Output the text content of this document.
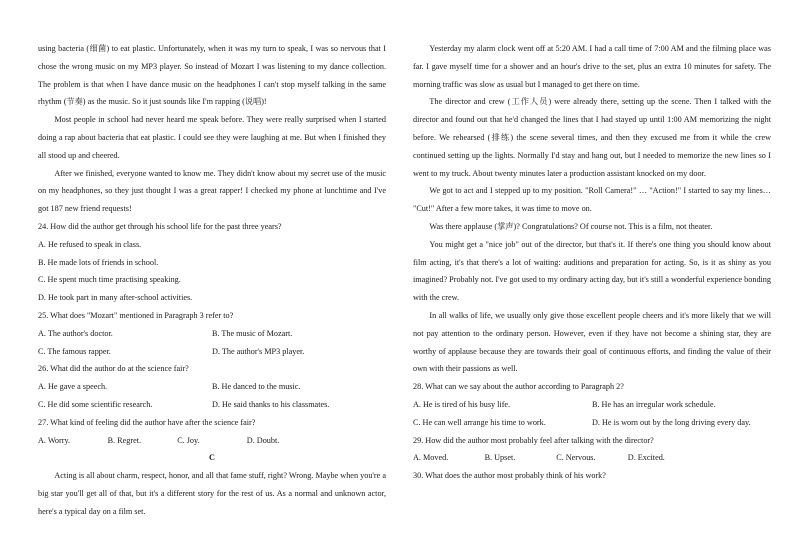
using bacteria (细菌) to eat plastic. Unfortunately, when it was my turn to speak, I was so nervous that I chose the wrong music on my MP3 player. So instead of Mozart I was listening to my dance collection. The problem is that when I have dance music on the headphones I can't stop myself talking in the same rhythm (节奏) as the music. So it just sounds like I'm rapping (说唱)!

Most people in school had never heard me speak before. They were really surprised when I started doing a rap about bacteria that eat plastic. I could see they were laughing at me. But when I finished they all stood up and cheered.

After we finished, everyone wanted to know me. They didn't know about my secret use of the music on my headphones, so they just thought I was a great rapper! I checked my phone at lunchtime and I've got 187 new friend requests!

24. How did the author get through his school life for the past three years?

A. He refused to speak in class.

B. He made lots of friends in school.

C. He spent much time practising speaking.

D. He took part in many after-school activities.

25. What does "Mozart" mentioned in Paragraph 3 refer to?

A. The author's doctor.	B. The music of Mozart.
C. The famous rapper.	D. The author's MP3 player.

26. What did the author do at the science fair?

A. He gave a speech.	B. He danced to the music.
C. He did some scientific research.	D. He said thanks to his classmates.

27. What kind of feeling did the author have after the science fair?

A. Worry.	B. Regret.	C. Joy.	D. Doubt.

C

Acting is all about charm, respect, honor, and all that fame stuff, right? Wrong. Maybe when you're a big star you'll get all of that, but it's a different story for the rest of us. As a normal and unknown actor, here's a typical day on a film set.

Yesterday my alarm clock went off at 5:20 AM. I had a call time of 7:00 AM and the filming place was far. I gave myself time for a shower and an hour's drive to the set, plus an extra 10 minutes for safety. The morning traffic was slow as usual but I managed to get there on time.

The director and crew (工作人员) were already there, setting up the scene. Then I talked with the director and found out that he'd changed the lines that I had stayed up until 1:00 AM memorizing the night before. We rehearsed (排练) the scene several times, and then they excused me from it while the crew continued setting up the lights. Normally I'd stay and hang out, but I needed to memorize the new lines so I went to my truck. About twenty minutes later a production assistant knocked on my door.

We got to act and I stepped up to my position. "Roll Camera!" … "Action!" I started to say my lines… "Cut!" After a few more takes, it was time to move on.

Was there applause (掌声)? Congratulations? Of course not. This is a film, not theater.

You might get a "nice job" out of the director, but that's it. If there's one thing you should know about film acting, it's that there's a lot of waiting: auditions and preparation for acting. So, is it as shiny as you imagined? Probably not. I've got used to my ordinary acting day, but it's still a wonderful experience bonding with the crew.

In all walks of life, we usually only give those excellent people cheers and it's more likely that we will not pay attention to the ordinary person. However, even if they have not become a shining star, they are worthy of applause because they are towards their goal of continuous efforts, and finding the value of their own with their passions as well.

28. What can we say about the author according to Paragraph 2?

A. He is tired of his busy life.	B. He has an irregular work schedule.
C. He can well arrange his time to work.	D. He is worn out by the long driving every day.

29. How did the author most probably feel after talking with the director?

A. Moved.	B. Upset.	C. Nervous.	D. Excited.

30. What does the author most probably think of his work?
